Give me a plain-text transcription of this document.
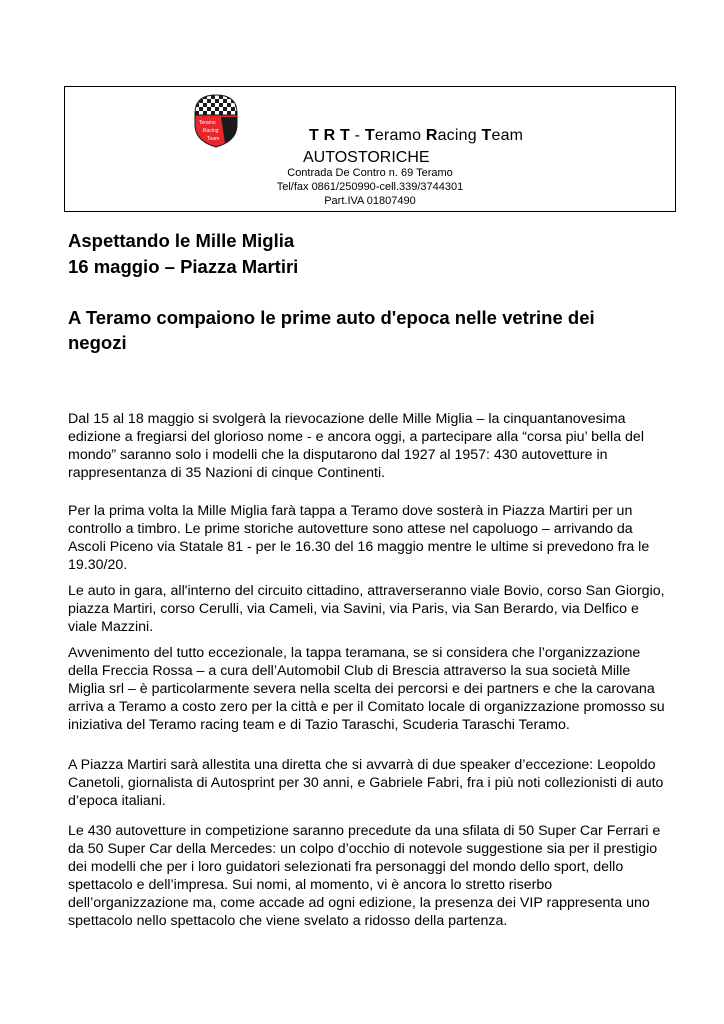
Teramo
Racing
Team	T R T - Teramo Racing Team
AUTOSTORICHE
Contrada De Contro n. 69 Teramo
Tel/fax 0861/250990-cell.339/3744301
Part.IVA 01807490
Aspettando le Mille Miglia
16 maggio – Piazza Martiri
A Teramo compaiono le prime auto d'epoca nelle vetrine dei negozi

Dal 15 al 18 maggio si svolgerà la rievocazione delle Mille Miglia – la cinquantanovesima edizione a fregiarsi del glorioso nome - e ancora oggi, a partecipare alla “corsa piu’ bella del mondo” saranno solo i modelli che la disputarono dal 1927 al 1957: 430 autovetture in rappresentanza di 35 Nazioni di cinque Continenti.

Per la prima volta la Mille Miglia farà tappa a Teramo dove sosterà in Piazza Martiri per un controllo a timbro. Le prime storiche autovetture sono attese nel capoluogo – arrivando da Ascoli Piceno via Statale 81 - per le 16.30 del 16 maggio mentre le ultime si prevedono fra le 19.30/20.

Le auto in gara, all'interno del circuito cittadino, attraverseranno viale Bovio, corso San Giorgio, piazza Martiri, corso Cerulli, via Cameli, via Savini, via Paris, via San Berardo, via Delfico e viale Mazzini.

Avvenimento del tutto eccezionale, la tappa teramana, se si considera che l’organizzazione della Freccia Rossa – a cura dell’Automobil Club di Brescia attraverso la sua società Mille Miglia srl – è particolarmente severa nella scelta dei percorsi e dei partners e che la carovana arriva a Teramo a costo zero per la città e per il Comitato locale di organizzazione promosso su iniziativa del Teramo racing team e di Tazio Taraschi, Scuderia Taraschi Teramo.

A Piazza Martiri sarà allestita una diretta che si avvarrà di due speaker d’eccezione: Leopoldo Canetoli, giornalista di Autosprint per 30 anni, e Gabriele Fabri, fra i più noti collezionisti di auto d’epoca italiani.

Le 430 autovetture in competizione saranno precedute da una sfilata di 50 Super Car Ferrari e da 50 Super Car della Mercedes: un colpo d’occhio di notevole suggestione sia per il prestigio dei modelli che per i loro guidatori selezionati fra personaggi del mondo dello sport, dello spettacolo e dell’impresa. Sui nomi, al momento, vi è ancora lo stretto riserbo dell’organizzazione ma, come accade ad ogni edizione, la presenza dei VIP rappresenta uno spettacolo nello spettacolo che viene svelato a ridosso della partenza.
